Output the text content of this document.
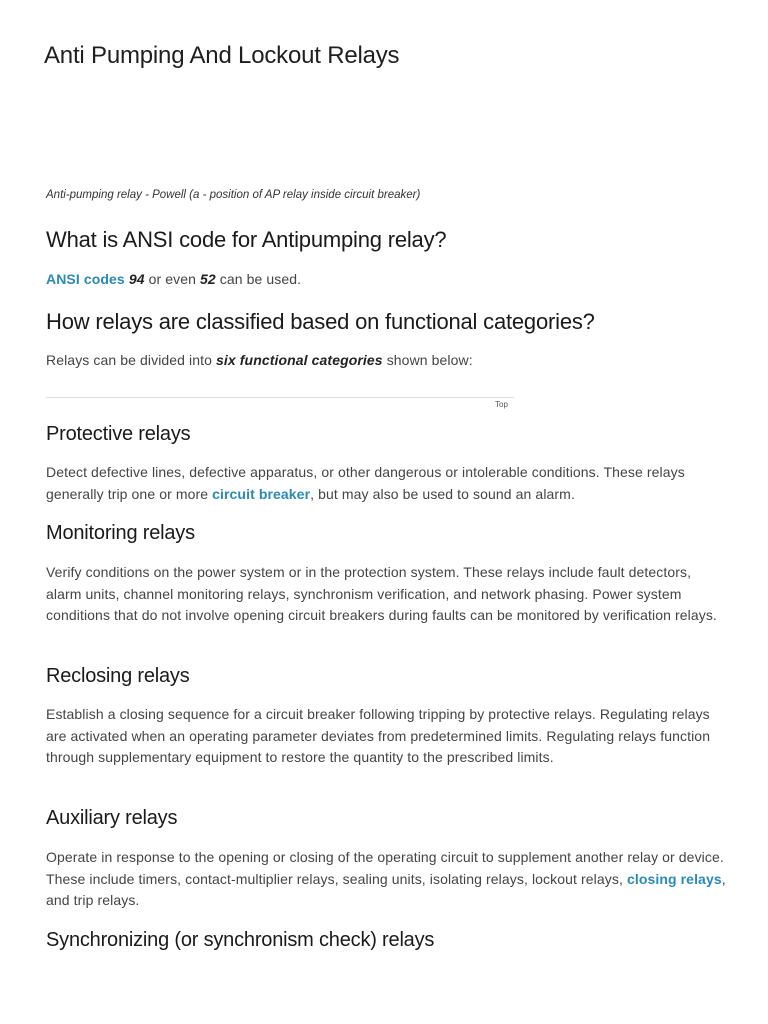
Anti Pumping And Lockout Relays
Anti-pumping relay - Powell (a - position of AP relay inside circuit breaker)
What is ANSI code for Antipumping relay?

ANSI codes 94 or even 52 can be used.

How relays are classified based on functional categories?

Relays can be divided into six functional categories shown below:

Top
Protective relays

Detect defective lines, defective apparatus, or other dangerous or intolerable conditions. These relays generally trip one or more circuit breaker, but may also be used to sound an alarm.

Monitoring relays

Verify conditions on the power system or in the protection system. These relays include fault detectors, alarm units, channel monitoring relays, synchronism verification, and network phasing. Power system conditions that do not involve opening circuit breakers during faults can be monitored by verification relays.

Reclosing relays

Establish a closing sequence for a circuit breaker following tripping by protective relays. Regulating relays are activated when an operating parameter deviates from predetermined limits. Regulating relays function through supplementary equipment to restore the quantity to the prescribed limits.

Auxiliary relays

Operate in response to the opening or closing of the operating circuit to supplement another relay or device. These include timers, contact-multiplier relays, sealing units, isolating relays, lockout relays, closing relays, and trip relays.

Synchronizing (or synchronism check) relays
